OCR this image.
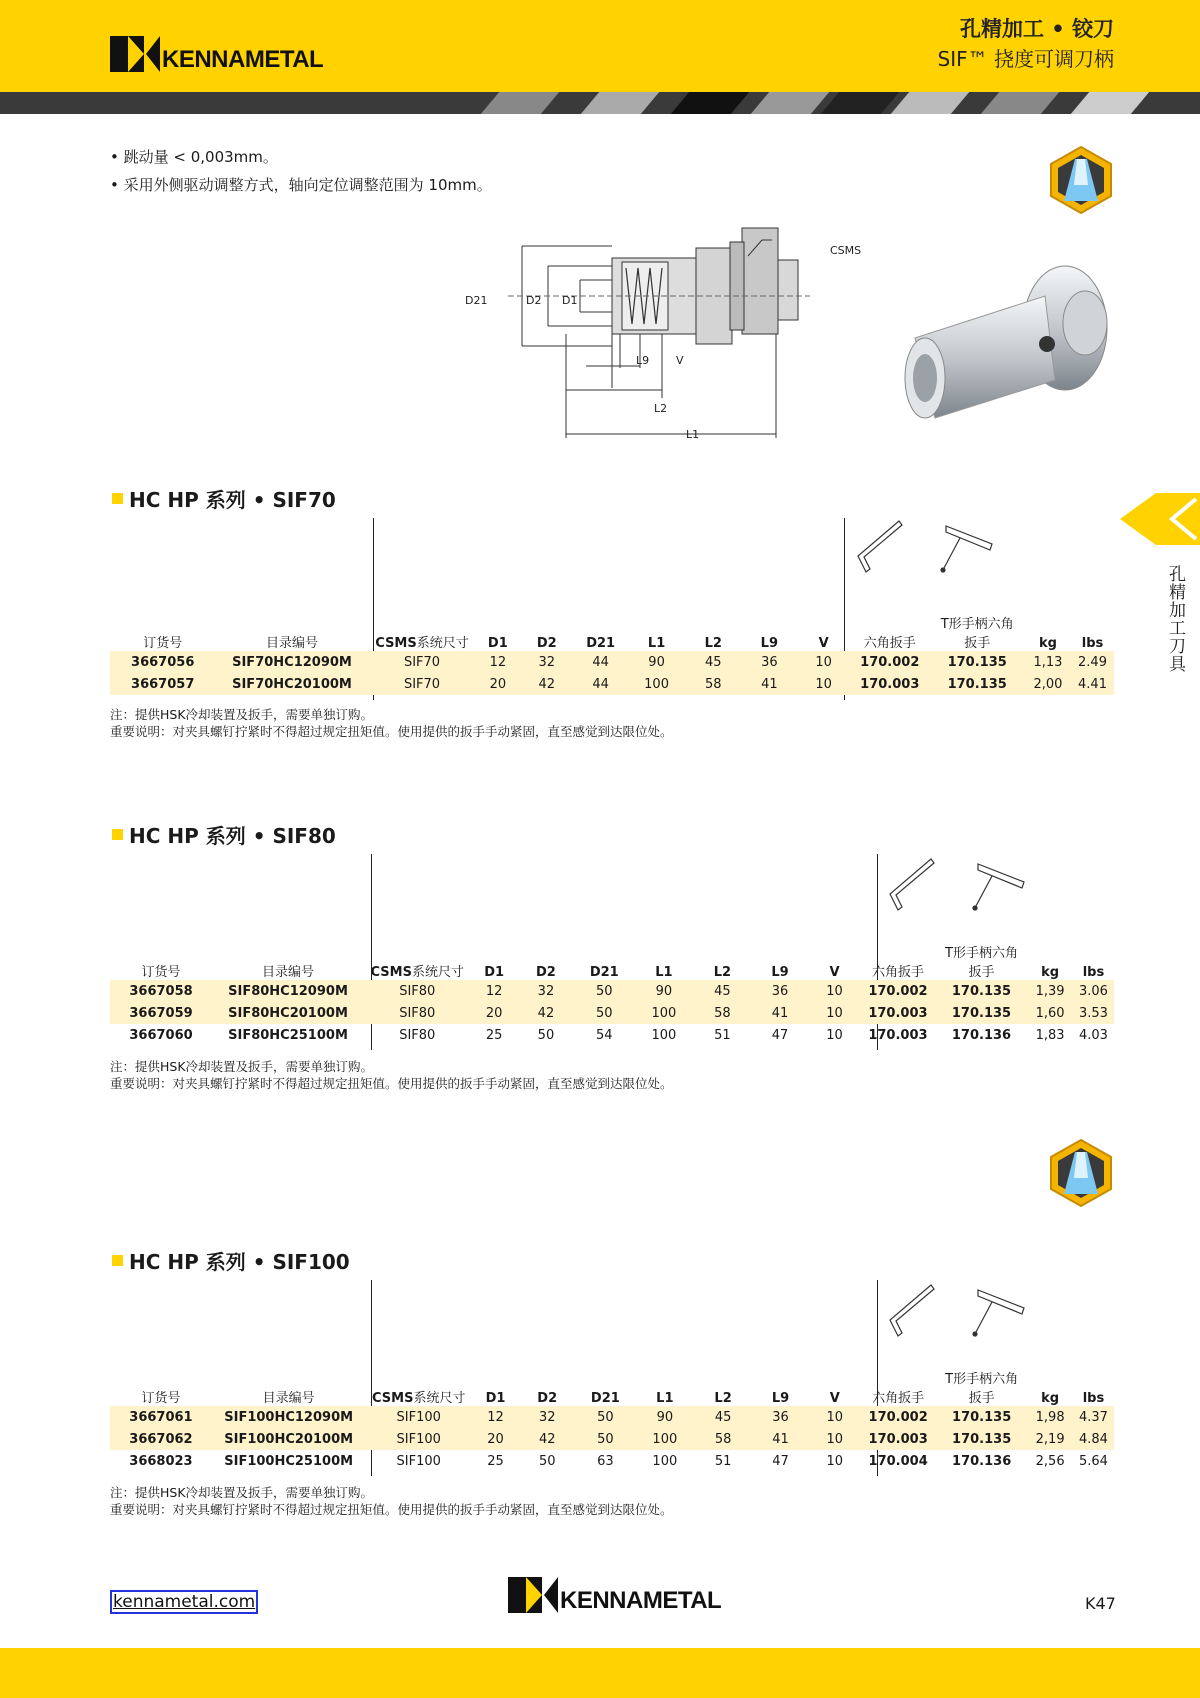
KENNAMETAL
孔精加工 • 铰刀
SIF™ 挠度可调刀柄
• 跳动量 < 0,003mm。
• 采用外侧驱动调整方式，轴向定位调整范围为 10mm。
D21	D2 D1
L9 V
L2
L1
CSMS
HC HP 系列 • SIF70
订货号	目录编号	CSMS系统尺寸	D1	D2	D21	L1	L2	L9	V	六角扳手	T形手柄六角
扳手	kg	lbs
3667056	SIF70HC12090M	SIF70	12	32	44	90	45	36	10	170.002	170.135	1,13	2.49
3667057	SIF70HC20100M	SIF70	20	42	44	100	58	41	10	170.003	170.135	2,00	4.41
注：提供HSK冷却装置及扳手，需要单独订购。
重要说明：对夹具螺钉拧紧时不得超过规定扭矩值。使用提供的扳手手动紧固，直至感觉到达限位处。
HC HP 系列 • SIF80
订货号	目录编号	CSMS系统尺寸	D1	D2	D21	L1	L2	L9	V	六角扳手	T形手柄六角
扳手	kg	lbs
3667058	SIF80HC12090M	SIF80	12	32	50	90	45	36	10	170.002	170.135	1,39	3.06
3667059	SIF80HC20100M	SIF80	20	42	50	100	58	41	10	170.003	170.135	1,60	3.53
3667060	SIF80HC25100M	SIF80	25	50	54	100	51	47	10	170.003	170.136	1,83	4.03
注：提供HSK冷却装置及扳手，需要单独订购。
重要说明：对夹具螺钉拧紧时不得超过规定扭矩值。使用提供的扳手手动紧固，直至感觉到达限位处。
HC HP 系列 • SIF100
订货号	目录编号	CSMS系统尺寸	D1	D2	D21	L1	L2	L9	V	六角扳手	T形手柄六角
扳手	kg	lbs
3667061	SIF100HC12090M	SIF100	12	32	50	90	45	36	10	170.002	170.135	1,98	4.37
3667062	SIF100HC20100M	SIF100	20	42	50	100	58	41	10	170.003	170.135	2,19	4.84
3668023	SIF100HC25100M	SIF100	25	50	63	100	51	47	10	170.004	170.136	2,56	5.64
注：提供HSK冷却装置及扳手，需要单独订购。
重要说明：对夹具螺钉拧紧时不得超过规定扭矩值。使用提供的扳手手动紧固，直至感觉到达限位处。
孔精加工刀具
kennametal.com	KENNAMETAL	K47
